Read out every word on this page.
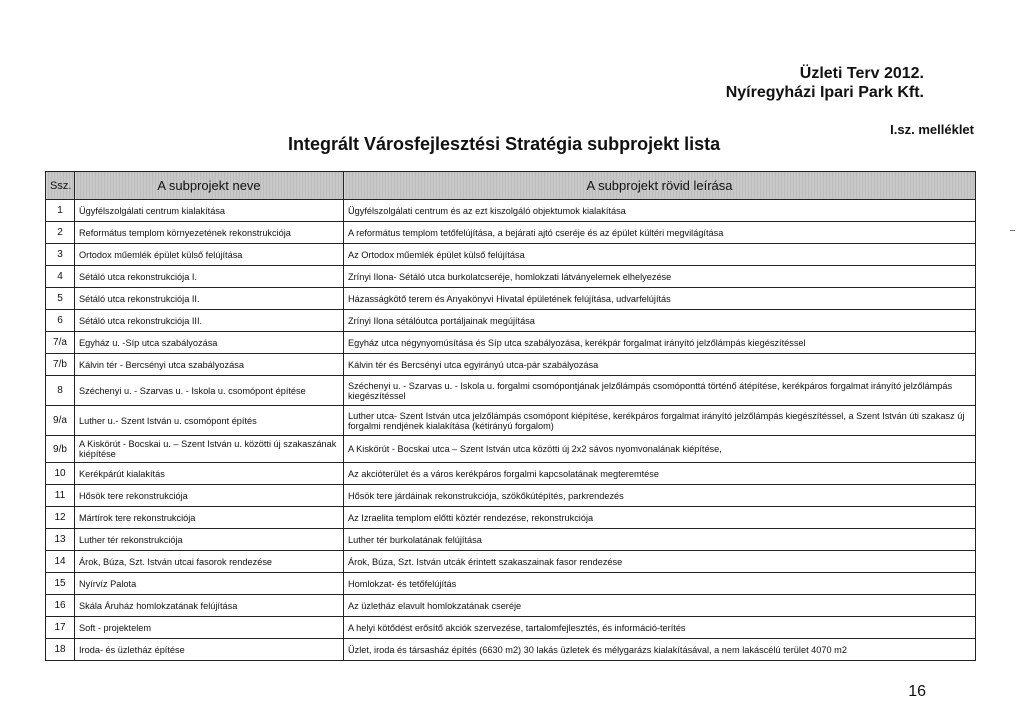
Üzleti Terv 2012.
Nyíregyházi Ipari Park Kft.
I.sz. melléklet
Integrált Városfejlesztési Stratégia subprojekt lista
Ssz.	A subprojekt neve	A subprojekt rövid leírása
1	Ügyfélszolgálati centrum kialakítása	Ügyfélszolgálati centrum és az ezt kiszolgáló objektumok kialakítása
2	Református templom környezetének rekonstrukciója	A református templom tetőfelújítása, a bejárati ajtó cseréje és az épület kültéri megvilágítása
3	Ortodox műemlék épület külső felújítása	Az Ortodox műemlék épület külső felújítása
4	Sétáló utca rekonstrukciója I.	Zrínyi Ilona- Sétáló utca burkolatcseréje, homlokzati látványelemek elhelyezése
5	Sétáló utca rekonstrukciója II.	Házasságkötő terem és Anyakönyvi Hivatal épületének felújítása, udvarfelújítás
6	Sétáló utca rekonstrukciója III.	Zrínyi Ilona sétálóutca portáljainak megújítása
7/a	Egyház u. -Síp utca szabályozása	Egyház utca négynyomúsítása és Síp utca szabályozása, kerékpár forgalmat irányító jelzőlámpás kiegészítéssel
7/b	Kálvin tér - Bercsényi utca szabályozása	Kálvin tér és Bercsényi utca egyirányú utca-pár szabályozása
8	Széchenyi u. - Szarvas u. - Iskola u. csomópont építése	Széchenyi u. - Szarvas u. - Iskola u. forgalmi csomópontjának jelzőlámpás csomóponttá történő átépítése, kerékpáros forgalmat irányító jelzőlámpás kiegészítéssel
9/a	Luther u.- Szent István u. csomópont építés	Luther utca- Szent István utca jelzőlámpás csomópont kiépítése, kerékpáros forgalmat irányító jelzőlámpás kiegészítéssel, a Szent István úti szakasz új forgalmi rendjének kialakítása (kétirányú forgalom)
9/b	A Kiskörút - Bocskai u. – Szent István u. közötti új szakaszának kiépítése	A Kiskörút - Bocskai utca – Szent István utca közötti új 2x2 sávos nyomvonalának kiépítése,
10	Kerékpárút kialakítás	Az akcióterület és a város kerékpáros forgalmi kapcsolatának megteremtése
11	Hősök tere rekonstrukciója	Hősök tere járdáinak rekonstrukciója, szökőkútépítés, parkrendezés
12	Mártírok tere rekonstrukciója	Az Izraelita templom előtti köztér rendezése, rekonstrukciója
13	Luther tér rekonstrukciója	Luther tér burkolatának felújítása
14	Árok, Búza, Szt. István utcai fasorok rendezése	Árok, Búza, Szt. István utcák érintett szakaszainak fasor rendezése
15	Nyírvíz Palota	Homlokzat- és tetőfelújítás
16	Skála Áruház homlokzatának felújítása	Az üzletház elavult homlokzatának cseréje
17	Soft - projektelem	A helyi kötődést erősítő akciók szervezése, tartalomfejlesztés, és információ-terítés
18	Iroda- és üzletház építése	Üzlet, iroda és társasház építés (6630 m2) 30 lakás üzletek és mélygarázs kialakításával, a nem lakáscélú terület 4070 m2
16
